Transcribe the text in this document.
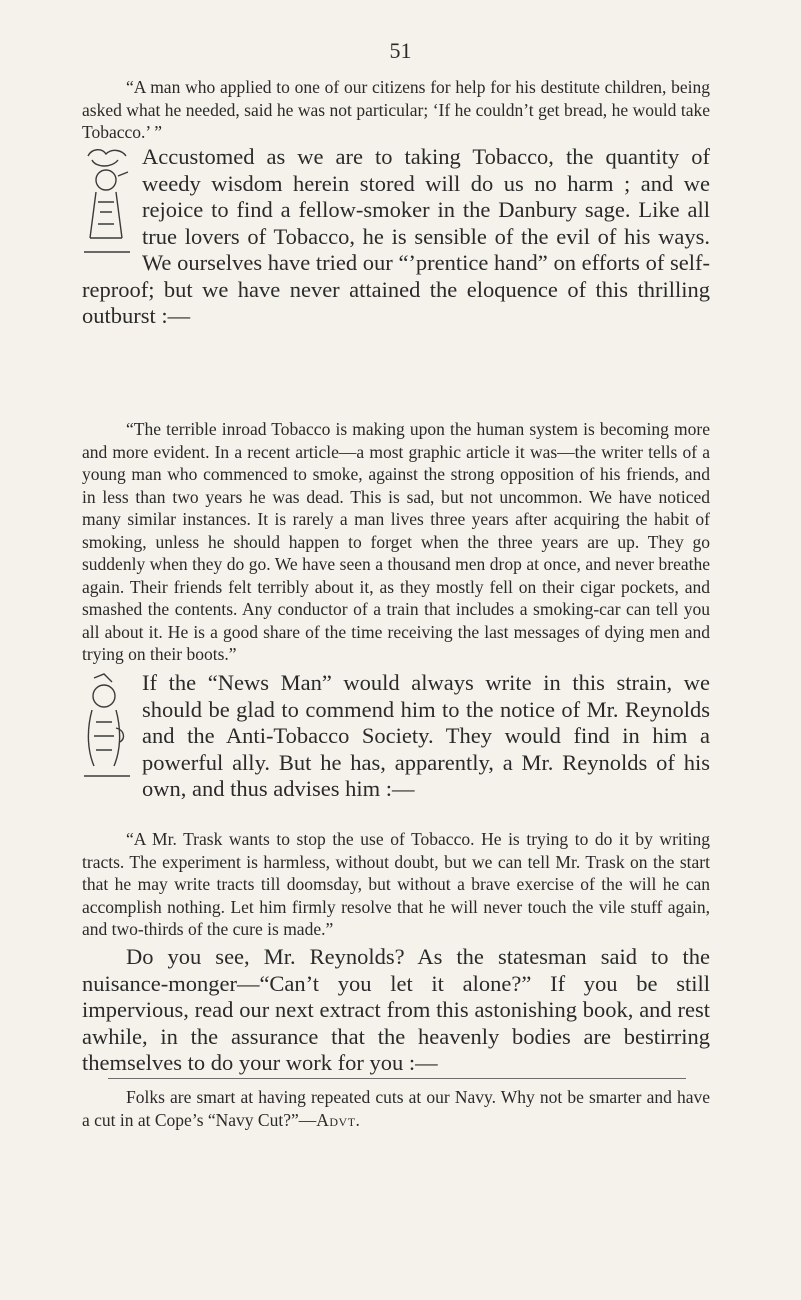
51

“A man who applied to one of our citizens for help for his destitute children, being asked what he needed, said he was not particular; ‘If he couldn’t get bread, he would take Tobacco.’ ”

Accustomed as we are to taking Tobacco, the quantity of weedy wisdom herein stored will do us no harm ; and we rejoice to find a fellow-smoker in the Danbury sage. Like all true lovers of Tobacco, he is sensible of the evil of his ways. We ourselves have tried our “’prentice hand” on efforts of self-reproof; but we have never attained the eloquence of this thrilling outburst :—

“The terrible inroad Tobacco is making upon the human system is becoming more and more evident. In a recent article—a most graphic article it was—the writer tells of a young man who commenced to smoke, against the strong opposition of his friends, and in less than two years he was dead. This is sad, but not uncommon. We have noticed many similar instances. It is rarely a man lives three years after acquiring the habit of smoking, unless he should happen to forget when the three years are up. They go suddenly when they do go. We have seen a thousand men drop at once, and never breathe again. Their friends felt terribly about it, as they mostly fell on their cigar pockets, and smashed the contents. Any conductor of a train that includes a smoking-car can tell you all about it. He is a good share of the time receiving the last messages of dying men and trying on their boots.”

If the “News Man” would always write in this strain, we should be glad to commend him to the notice of Mr. Reynolds and the Anti-Tobacco Society. They would find in him a powerful ally. But he has, apparently, a Mr. Reynolds of his own, and thus advises him :—

“A Mr. Trask wants to stop the use of Tobacco. He is trying to do it by writing tracts. The experiment is harmless, without doubt, but we can tell Mr. Trask on the start that he may write tracts till doomsday, but without a brave exercise of the will he can accomplish nothing. Let him firmly resolve that he will never touch the vile stuff again, and two-thirds of the cure is made.”

Do you see, Mr. Reynolds? As the statesman said to the nuisance-monger—“Can’t you let it alone?” If you be still impervious, read our next extract from this astonishing book, and rest awhile, in the assurance that the heavenly bodies are bestirring themselves to do your work for you :—

Folks are smart at having repeated cuts at our Navy. Why not be smarter and have a cut in at Cope’s “Navy Cut?”—Advt.
